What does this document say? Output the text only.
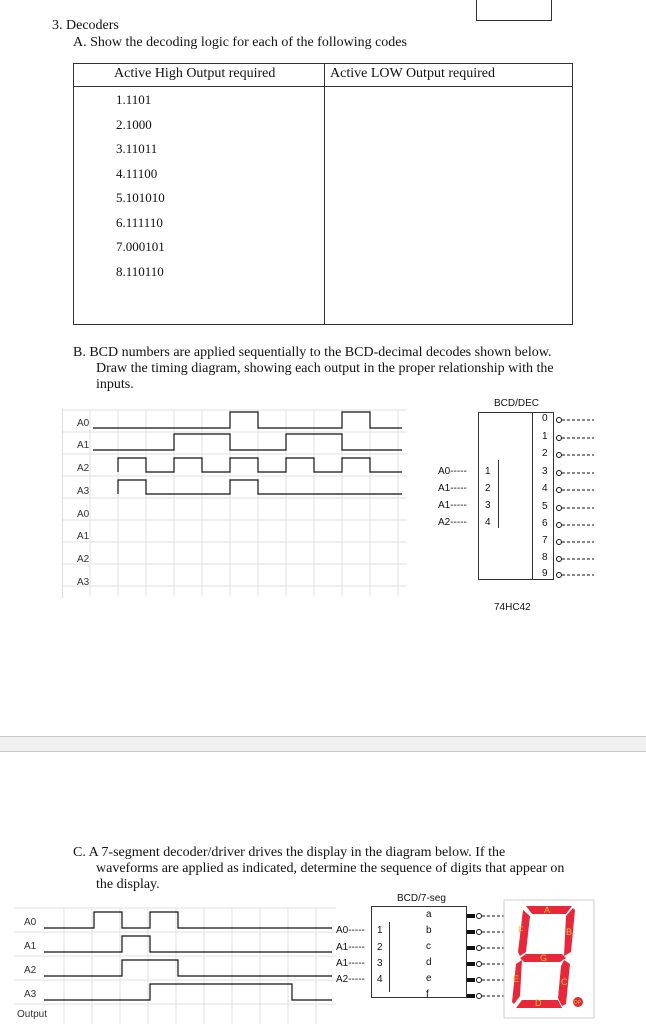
3. Decoders
A. Show the decoding logic for each of the following codes
Active High Output required	Active LOW Output required
1.1101
2.1000
3.11011
4.11100
5.101010
6.111110
7.000101
8.110110
B. BCD numbers are applied sequentially to the BCD-decimal decodes shown below.
Draw the timing diagram, showing each output in the proper relationship with the
inputs.
A0
A1
A2
A3
A0
A1
A2
A3
BCD/DEC
A0-----
A1-----
A1-----
A2-----
1
2
3
4
0
1
2
3
4
5
6
7
8
9
74HC42
C. A 7-segment decoder/driver drives the display in the diagram below. If the
waveforms are applied as indicated, determine the sequence of digits that appear on
the display.
A0
A1
A2
A3
Output
BCD/7-seg
A0-----
A1-----
A1-----
A2-----
1
2
3
4
a
b
c
d
e
f
A
B
C
D
E
F
G
DP
